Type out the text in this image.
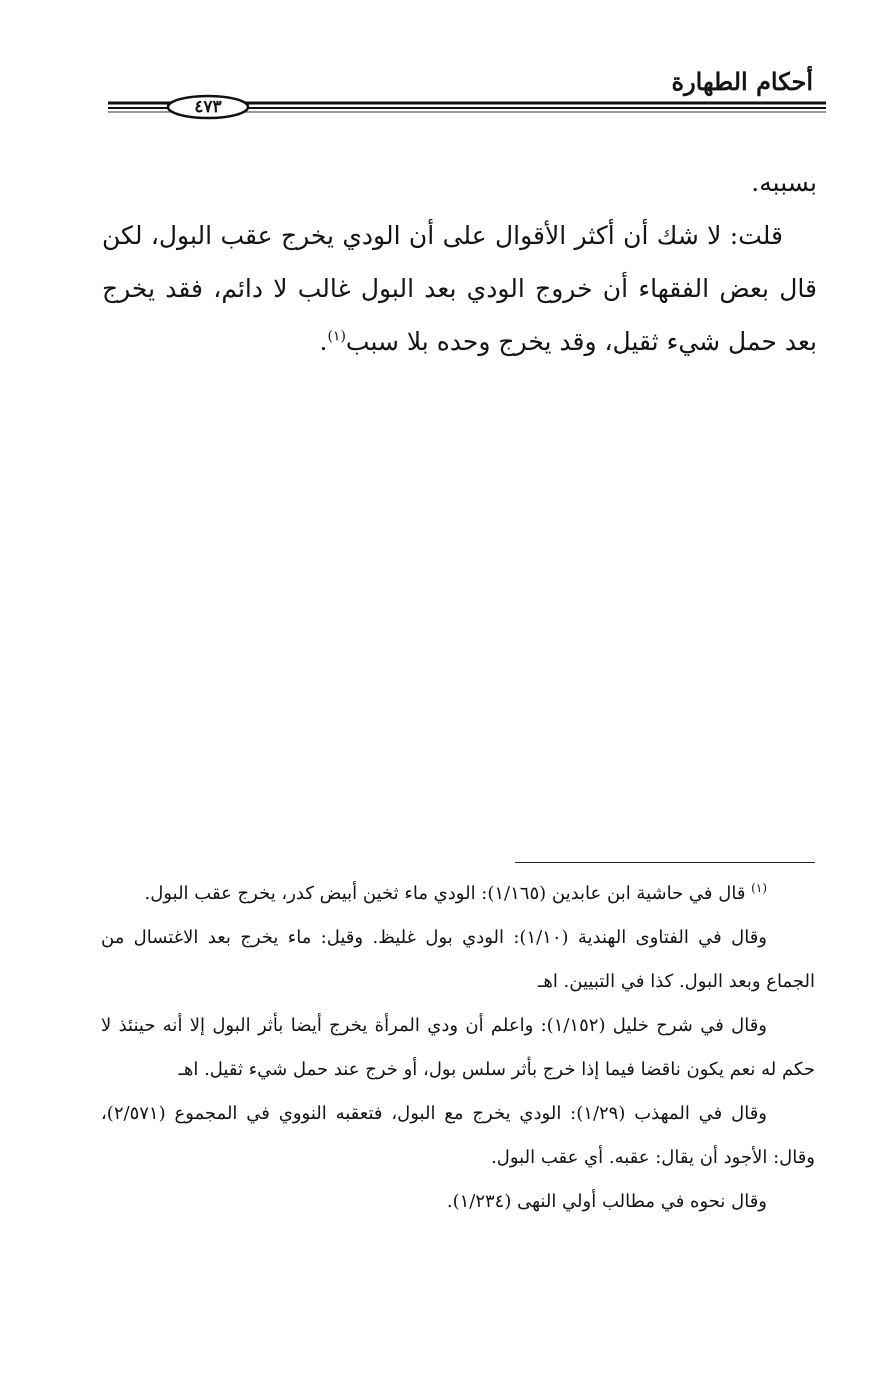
أحكام الطهارة
٤٧٣

بسببه.

قلت: لا شك أن أكثر الأقوال على أن الودي يخرج عقب البول، لكن قال بعض الفقهاء أن خروج الودي بعد البول غالب لا دائم، فقد يخرج بعد حمل شيء ثقيل، وقد يخرج وحده بلا سبب$^{(١)}$.

$^{(١)}$ قال في حاشية ابن عابدين (١/١٦٥): الودي ماء ثخين أبيض كدر، يخرج عقب البول.

وقال في الفتاوى الهندية (١/١٠): الودي بول غليظ. وقيل: ماء يخرج بعد الاغتسال من الجماع وبعد البول. كذا في التبيين. اهـ

وقال في شرح خليل (١/١٥٢): واعلم أن ودي المرأة يخرج أيضا بأثر البول إلا أنه حينئذ لا حكم له نعم يكون ناقضا فيما إذا خرج بأثر سلس بول، أو خرج عند حمل شيء ثقيل. اهـ

وقال في المهذب (١/٢٩): الودي يخرج مع البول، فتعقبه النووي في المجموع (٢/٥٧١)، وقال: الأجود أن يقال: عقبه. أي عقب البول.

وقال نحوه في مطالب أولي النهى (١/٢٣٤).
